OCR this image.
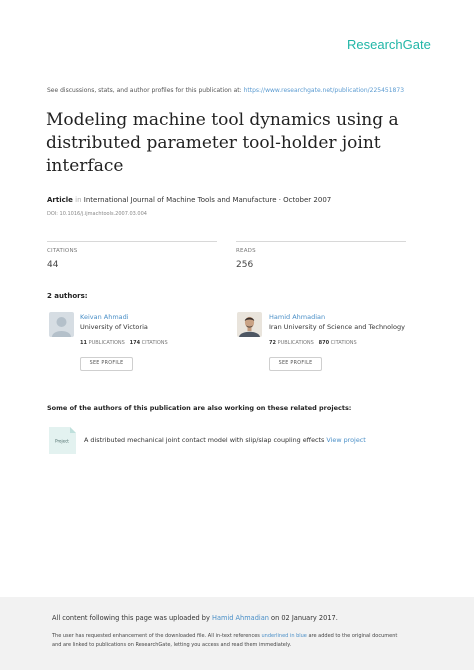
ResearchGate
See discussions, stats, and author profiles for this publication at: https://www.researchgate.net/publication/225451873
Modeling machine tool dynamics using a
distributed parameter tool-holder joint
interface
Article in International Journal of Machine Tools and Manufacture · October 2007
DOI: 10.1016/j.ijmachtools.2007.03.004
CITATIONS
44
READS
256
2 authors:
Keivan Ahmadi
University of Victoria
11 PUBLICATIONS 174 CITATIONS
SEE PROFILE
Hamid Ahmadian
Iran University of Science and Technology
72 PUBLICATIONS 870 CITATIONS
SEE PROFILE
Some of the authors of this publication are also working on these related projects:
Project A distributed mechanical joint contact model with slip/slap coupling effects View project
All content following this page was uploaded by Hamid Ahmadian on 02 January 2017.
The user has requested enhancement of the downloaded file. All in-text references underlined in blue are added to the original document
and are linked to publications on ResearchGate, letting you access and read them immediately.
